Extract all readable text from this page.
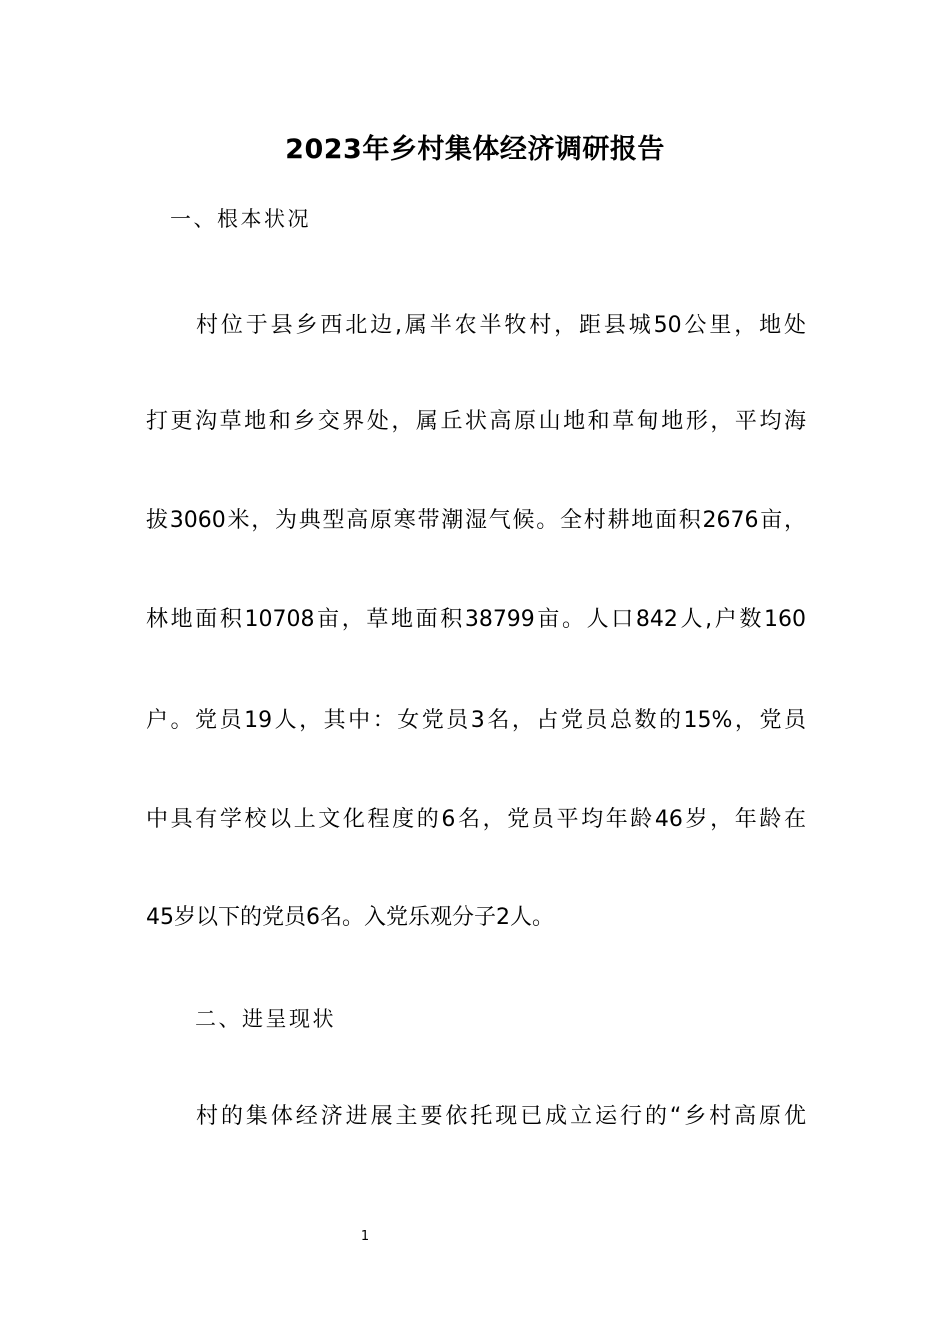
2023年乡村集体经济调研报告
一、根本状况
村位于县乡西北边,属半农半牧村，距县城50公里，地处
打更沟草地和乡交界处，属丘状高原山地和草甸地形，平均海
拔3060米，为典型高原寒带潮湿气候。全村耕地面积2676亩，
林地面积10708亩，草地面积38799亩。人口842人,户数160
户。党员19人，其中：女党员3名，占党员总数的15%，党员
中具有学校以上文化程度的6名，党员平均年龄46岁，年龄在
45岁以下的党员6名。入党乐观分子2人。
二、进呈现状
村的集体经济进展主要依托现已成立运行的“乡村高原优
1
